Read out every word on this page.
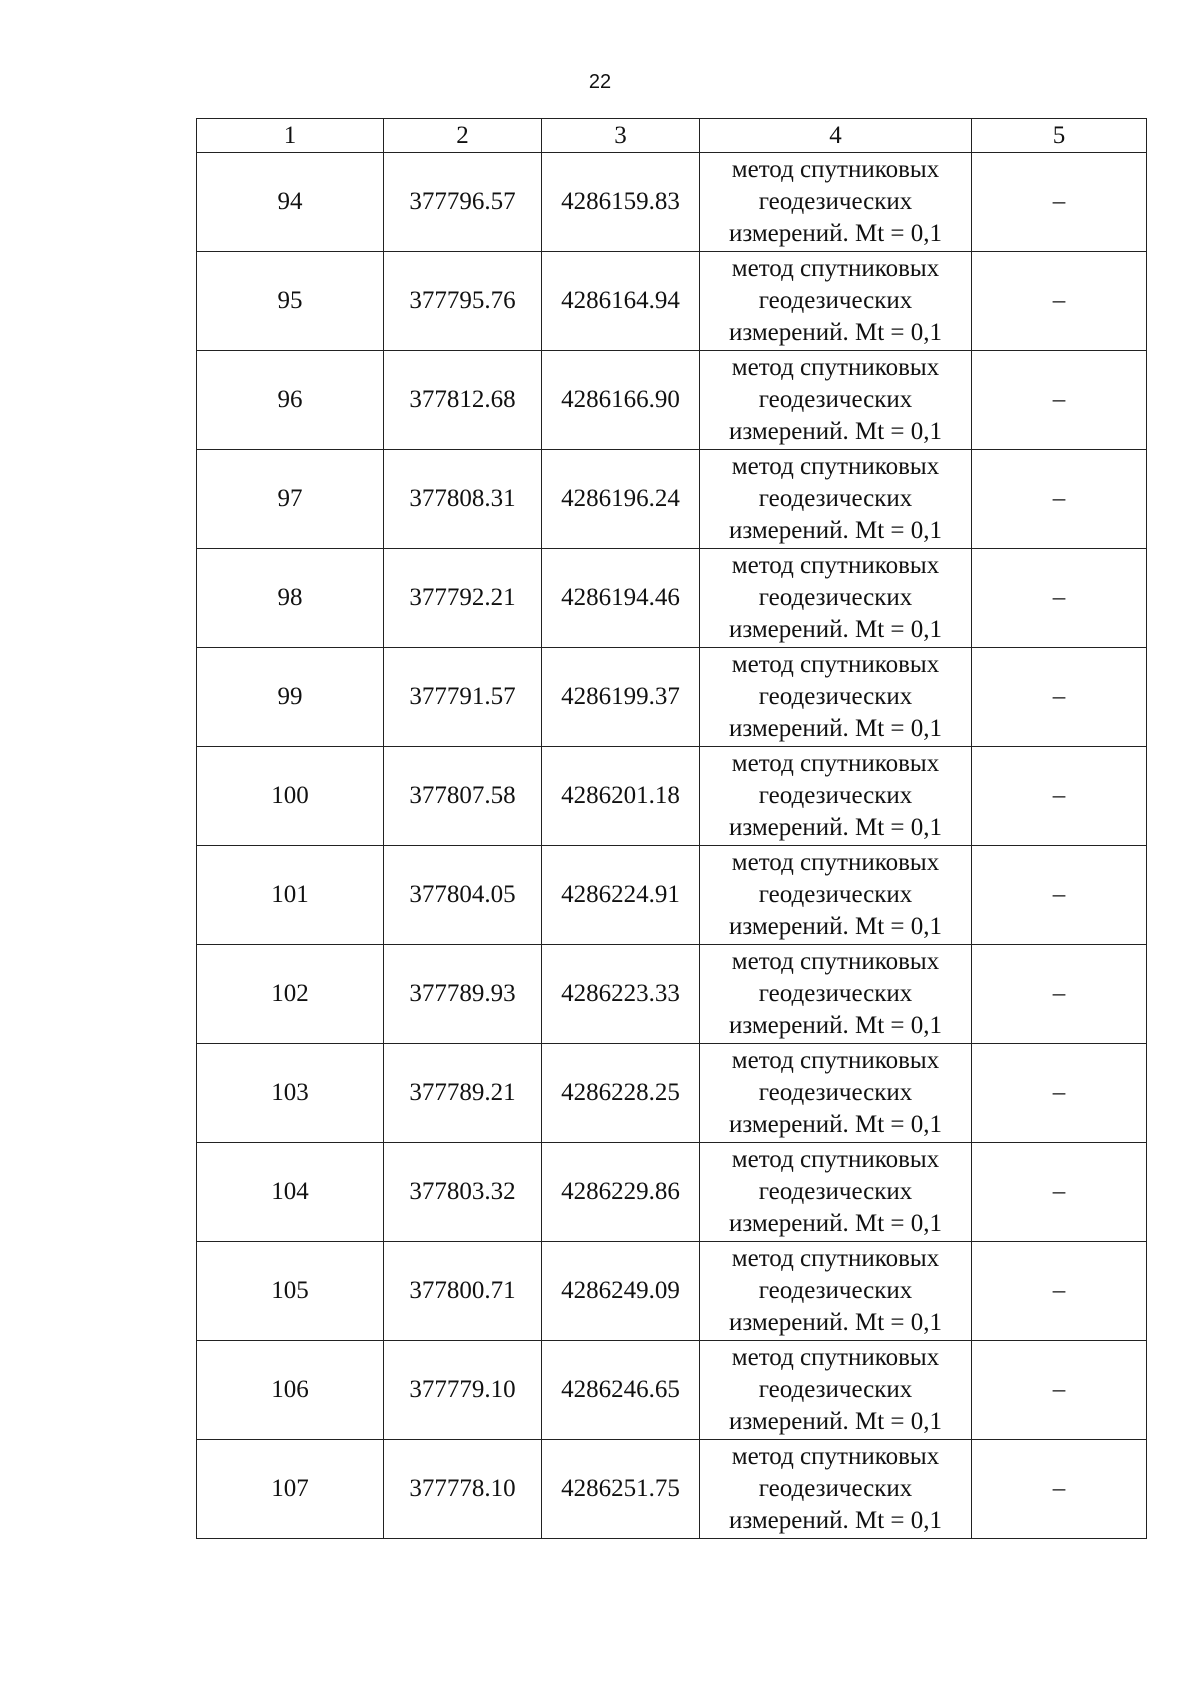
22
1	2	3	4	5
94	377796.57	4286159.83	метод спутниковых
геодезических
измерений. Mt = 0,1	–
95	377795.76	4286164.94	метод спутниковых
геодезических
измерений. Mt = 0,1	–
96	377812.68	4286166.90	метод спутниковых
геодезических
измерений. Mt = 0,1	–
97	377808.31	4286196.24	метод спутниковых
геодезических
измерений. Mt = 0,1	–
98	377792.21	4286194.46	метод спутниковых
геодезических
измерений. Mt = 0,1	–
99	377791.57	4286199.37	метод спутниковых
геодезических
измерений. Mt = 0,1	–
100	377807.58	4286201.18	метод спутниковых
геодезических
измерений. Mt = 0,1	–
101	377804.05	4286224.91	метод спутниковых
геодезических
измерений. Mt = 0,1	–
102	377789.93	4286223.33	метод спутниковых
геодезических
измерений. Mt = 0,1	–
103	377789.21	4286228.25	метод спутниковых
геодезических
измерений. Mt = 0,1	–
104	377803.32	4286229.86	метод спутниковых
геодезических
измерений. Mt = 0,1	–
105	377800.71	4286249.09	метод спутниковых
геодезических
измерений. Mt = 0,1	–
106	377779.10	4286246.65	метод спутниковых
геодезических
измерений. Mt = 0,1	–
107	377778.10	4286251.75	метод спутниковых
геодезических
измерений. Mt = 0,1	–
